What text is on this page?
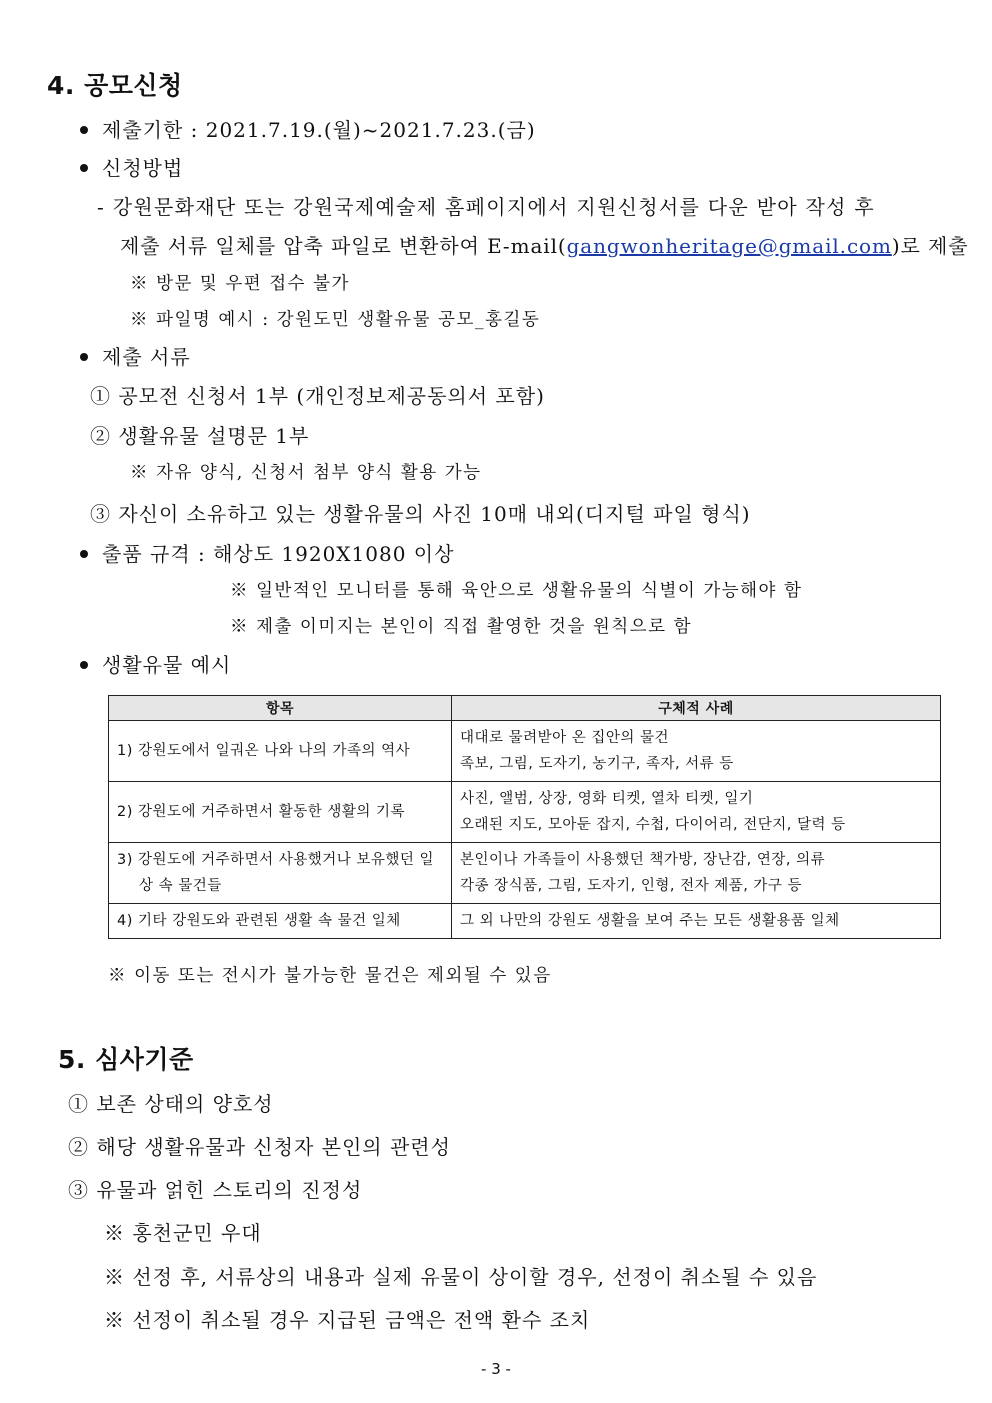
4. 공모신청
제출기한 : 2021.7.19.(월)~2021.7.23.(금)
신청방법
- 강원문화재단 또는 강원국제예술제 홈페이지에서 지원신청서를 다운 받아 작성 후
제출 서류 일체를 압축 파일로 변환하여 E-mail(gangwonheritage@gmail.com)로 제출
※ 방문 및 우편 접수 불가
※ 파일명 예시 : 강원도민 생활유물 공모_홍길동
제출 서류
① 공모전 신청서 1부 (개인정보제공동의서 포함)
② 생활유물 설명문 1부
※ 자유 양식, 신청서 첨부 양식 활용 가능
③ 자신이 소유하고 있는 생활유물의 사진 10매 내외(디지털 파일 형식)
출품 규격 : 해상도 1920X1080 이상
※ 일반적인 모니터를 통해 육안으로 생활유물의 식별이 가능해야 함
※ 제출 이미지는 본인이 직접 촬영한 것을 원칙으로 함
생활유물 예시
항목	구체적 사례
1) 강원도에서 일궈온 나와 나의 가족의 역사	대대로 물려받아 온 집안의 물건
족보, 그림, 도자기, 농기구, 족자, 서류 등

2) 강원도에 거주하면서 활동한 생활의 기록	사진, 앨범, 상장, 영화 티켓, 열차 티켓, 일기
오래된 지도, 모아둔 잡지, 수첩, 다이어리, 전단지, 달력 등

3) 강원도에 거주하면서 사용했거나 보유했던 일상 속 물건들	본인이나 가족들이 사용했던 책가방, 장난감, 연장, 의류
각종 장식품, 그림, 도자기, 인형, 전자 제품, 가구 등

4) 기타 강원도와 관련된 생활 속 물건 일체	그 외 나만의 강원도 생활을 보여 주는 모든 생활용품 일체
※ 이동 또는 전시가 불가능한 물건은 제외될 수 있음
5. 심사기준
① 보존 상태의 양호성
② 해당 생활유물과 신청자 본인의 관련성
③ 유물과 얽힌 스토리의 진정성
※ 홍천군민 우대
※ 선정 후, 서류상의 내용과 실제 유물이 상이할 경우, 선정이 취소될 수 있음
※ 선정이 취소될 경우 지급된 금액은 전액 환수 조치
- 3 -
